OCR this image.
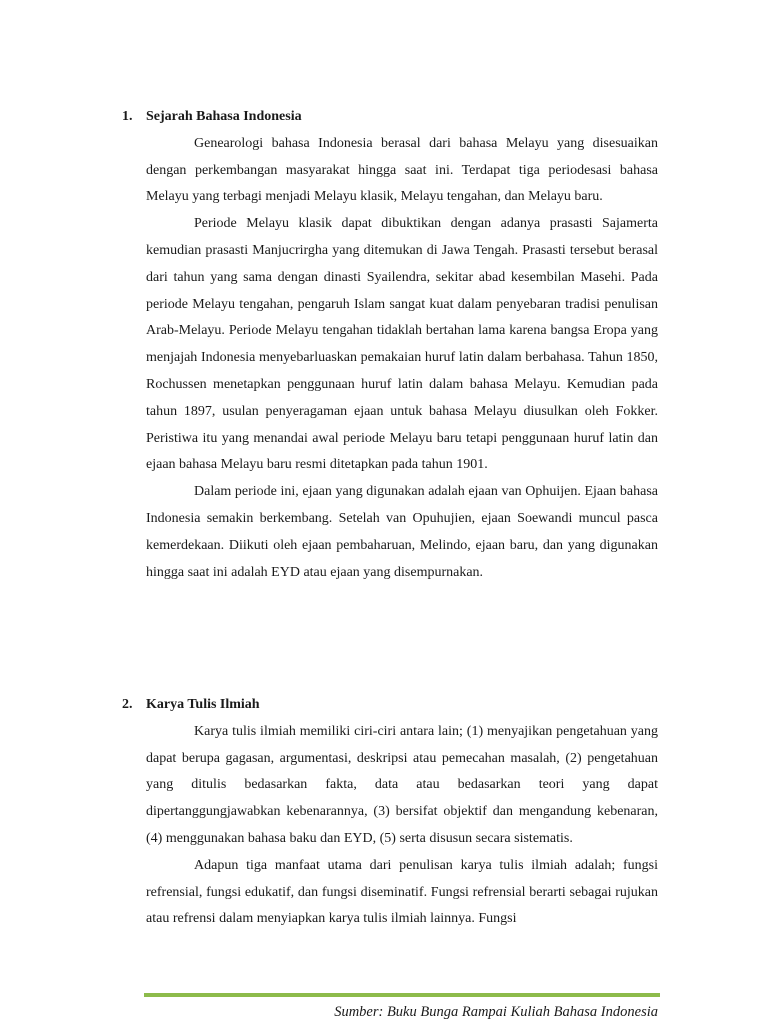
1. Sejarah Bahasa Indonesia

Genearologi bahasa Indonesia berasal dari bahasa Melayu yang disesuaikan dengan perkembangan masyarakat hingga saat ini. Terdapat tiga periodesasi bahasa Melayu yang terbagi menjadi Melayu klasik, Melayu tengahan, dan Melayu baru.

Periode Melayu klasik dapat dibuktikan dengan adanya prasasti Sajamerta kemudian prasasti Manjucrirgha yang ditemukan di Jawa Tengah. Prasasti tersebut berasal dari tahun yang sama dengan dinasti Syailendra, sekitar abad kesembilan Masehi. Pada periode Melayu tengahan, pengaruh Islam sangat kuat dalam penyebaran tradisi penulisan Arab-Melayu. Periode Melayu tengahan tidaklah bertahan lama karena bangsa Eropa yang menjajah Indonesia menyebarluaskan pemakaian huruf latin dalam berbahasa. Tahun 1850, Rochussen menetapkan penggunaan huruf latin dalam bahasa Melayu. Kemudian pada tahun 1897, usulan penyeragaman ejaan untuk bahasa Melayu diusulkan oleh Fokker. Peristiwa itu yang menandai awal periode Melayu baru tetapi penggunaan huruf latin dan ejaan bahasa Melayu baru resmi ditetapkan pada tahun 1901.

Dalam periode ini, ejaan yang digunakan adalah ejaan van Ophuijen. Ejaan bahasa Indonesia semakin berkembang. Setelah van Opuhujien, ejaan Soewandi muncul pasca kemerdekaan. Diikuti oleh ejaan pembaharuan, Melindo, ejaan baru, dan yang digunakan hingga saat ini adalah EYD atau ejaan yang disempurnakan.

2. Karya Tulis Ilmiah

Karya tulis ilmiah memiliki ciri-ciri antara lain; (1) menyajikan pengetahuan yang dapat berupa gagasan, argumentasi, deskripsi atau pemecahan masalah, (2) pengetahuan yang ditulis bedasarkan fakta, data atau bedasarkan teori yang dapat dipertanggungjawabkan kebenarannya, (3) bersifat objektif dan mengandung kebenaran, (4) menggunakan bahasa baku dan EYD, (5) serta disusun secara sistematis.

Adapun tiga manfaat utama dari penulisan karya tulis ilmiah adalah; fungsi refrensial, fungsi edukatif, dan fungsi diseminatif. Fungsi refrensial berarti sebagai rujukan atau refrensi dalam menyiapkan karya tulis ilmiah lainnya. Fungsi

Sumber: Buku Bunga Rampai Kuliah Bahasa Indonesia
